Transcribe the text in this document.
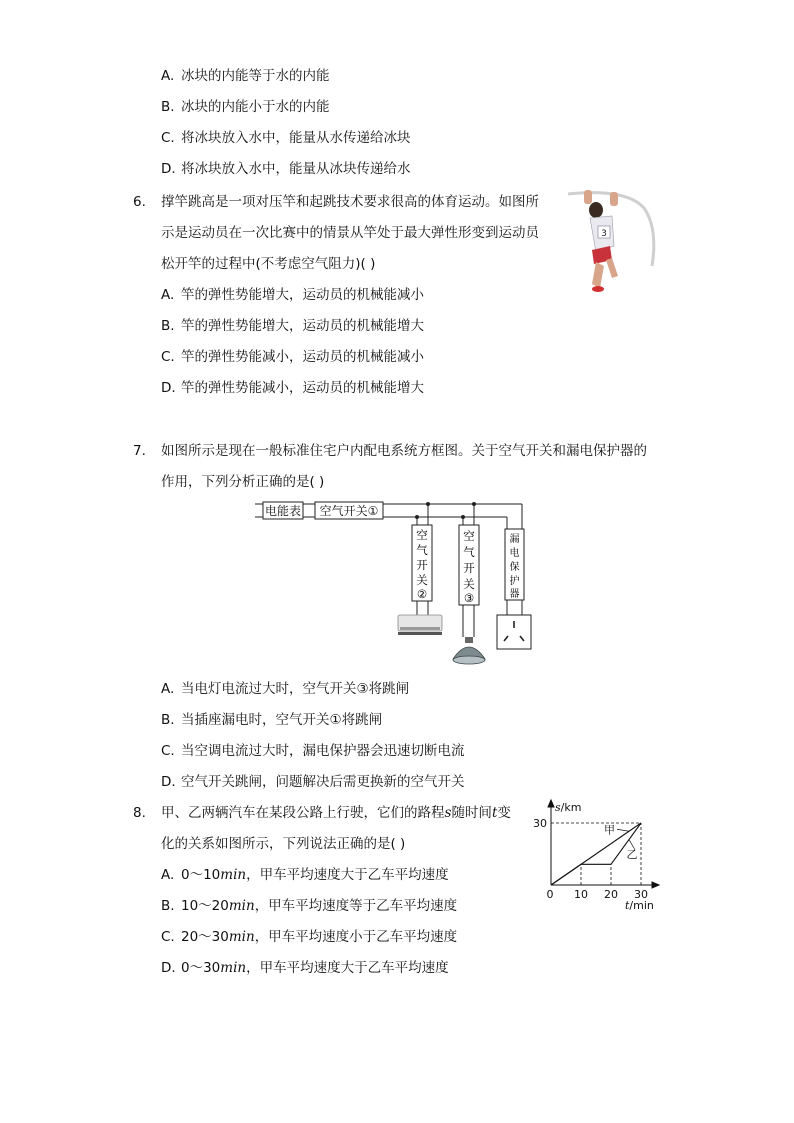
A. 冰块的内能等于水的内能
B. 冰块的内能小于水的内能
C. 将冰块放入水中，能量从水传递给冰块
D. 将冰块放入水中，能量从冰块传递给水
6. 撑竿跳高是一项对压竿和起跳技术要求很高的体育运动。如图所
示是运动员在一次比赛中的情景从竿处于最大弹性形变到运动员
松开竿的过程中(不考虑空气阻力)( )
3
A. 竿的弹性势能增大，运动员的机械能减小
B. 竿的弹性势能增大，运动员的机械能增大
C. 竿的弹性势能减小，运动员的机械能减小
D. 竿的弹性势能减小，运动员的机械能增大
7. 如图所示是现在一般标准住宅户内配电系统方框图。关于空气开关和漏电保护器的
作用，下列分析正确的是( )
电能表 空气开关①
空
气
开
关
②
空
气
开
关
③
漏
电
保
护
器
A. 当电灯电流过大时，空气开关③将跳闸
B. 当插座漏电时，空气开关①将跳闸
C. 当空调电流过大时，漏电保护器会迅速切断电流
D. 空气开关跳闸，问题解决后需更换新的空气开关
8. 甲、乙两辆汽车在某段公路上行驶，它们的路程s随时间t变
化的关系如图所示，下列说法正确的是( )
A. 0～10min，甲车平均速度大于乙车平均速度
B. 10～20min，甲车平均速度等于乙车平均速度
C. 20～30min，甲车平均速度小于乙车平均速度
D. 0～30min，甲车平均速度大于乙车平均速度
s/km
t/min
0 10 20 30
30	甲
乙
